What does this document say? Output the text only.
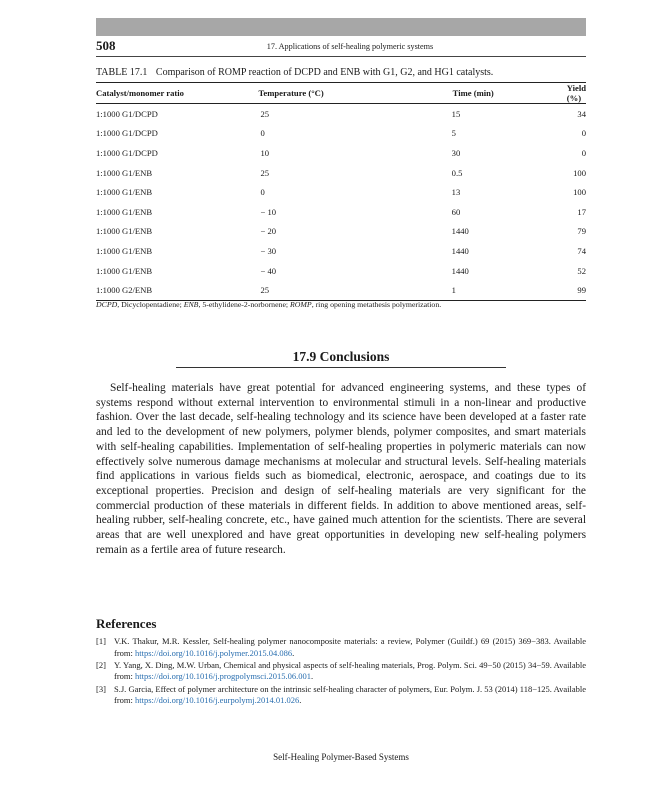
508	17. Applications of self-healing polymeric systems
TABLE 17.1 Comparison of ROMP reaction of DCPD and ENB with G1, G2, and HG1 catalysts.
Catalyst/monomer ratio	Temperature (°C)	Time (min)	Yield (%)
1:1000 G1/DCPD	25	15	34
1:1000 G1/DCPD	0	5	0
1:1000 G1/DCPD	10	30	0
1:1000 G1/ENB	25	0.5	100
1:1000 G1/ENB	0	13	100
1:1000 G1/ENB	− 10	60	17
1:1000 G1/ENB	− 20	1440	79
1:1000 G1/ENB	− 30	1440	74
1:1000 G1/ENB	− 40	1440	52
1:1000 G2/ENB	25	1	99
DCPD, Dicyclopentadiene; ENB, 5-ethylidene-2-norbornene; ROMP, ring opening metathesis polymerization.
17.9 Conclusions
Self-healing materials have great potential for advanced engineering systems, and these types of systems respond without external intervention to environmental stimuli in a non-linear and productive fashion. Over the last decade, self-healing technology and its science have been developed at a faster rate and led to the development of new polymers, polymer blends, polymer composites, and smart materials with self-healing capabilities. Implementation of self-healing properties in polymeric materials can now effectively solve numerous damage mechanisms at molecular and structural levels. Self-healing materials find applications in various fields such as biomedical, electronic, aerospace, and coatings due to its exceptional properties. Precision and design of self-healing materials are very significant for the commercial production of these materials in different fields. In addition to above mentioned areas, self-healing rubber, self-healing concrete, etc., have gained much attention for the scientists. There are several areas that are well unexplored and have great opportunities in developing new self-healing polymers remain as a fertile area of future research.
References
[1] V.K. Thakur, M.R. Kessler, Self-healing polymer nanocomposite materials: a review, Polymer (Guildf.) 69 (2015) 369−383. Available from: https://doi.org/10.1016/j.polymer.2015.04.086.
[2] Y. Yang, X. Ding, M.W. Urban, Chemical and physical aspects of self-healing materials, Prog. Polym. Sci. 49−50 (2015) 34−59. Available from: https://doi.org/10.1016/j.progpolymsci.2015.06.001.
[3] S.J. Garcia, Effect of polymer architecture on the intrinsic self-healing character of polymers, Eur. Polym. J. 53 (2014) 118−125. Available from: https://doi.org/10.1016/j.eurpolymj.2014.01.026.
Self-Healing Polymer-Based Systems
